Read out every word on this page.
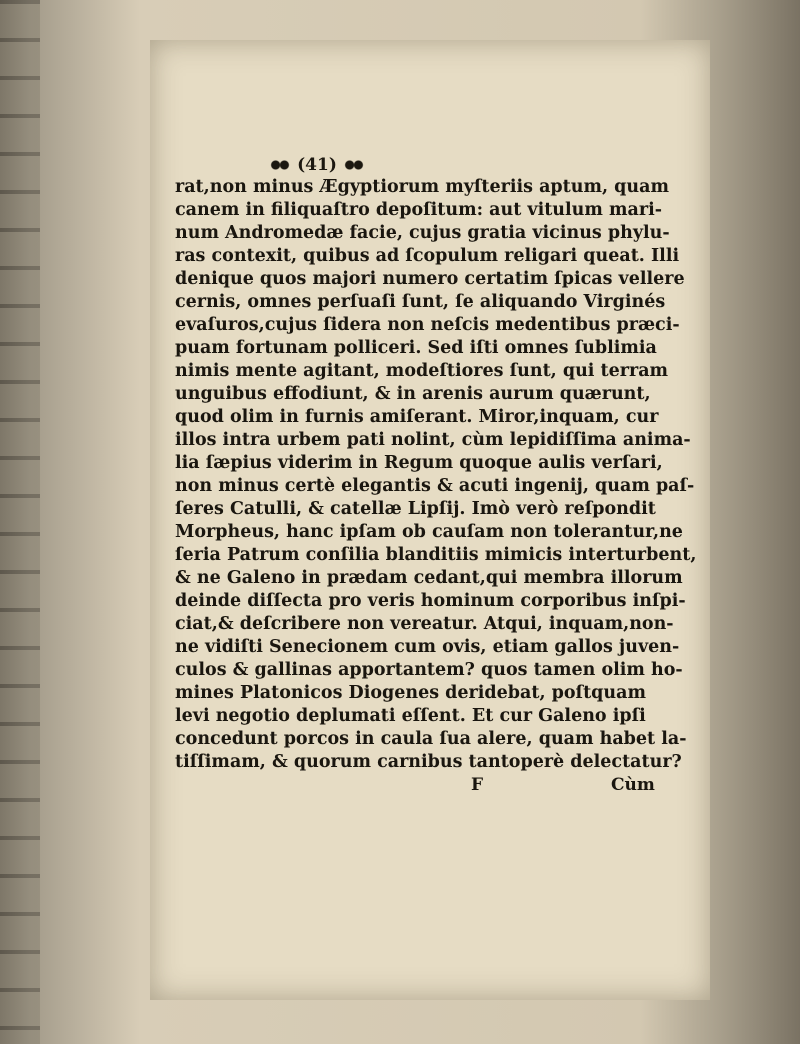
(41)
rat,non minus Ægyptiorum myſteriis aptum, quam
canem in filiquaſtro depoſitum: aut vitulum mari-
num Andromedæ facie, cujus gratia vicinus phylu-
ras contexit, quibus ad ſcopulum religari queat. Illi
denique quos majori numero certatim ſpicas vellere
cernis, omnes perſuaſi ſunt, ſe aliquando Virginés
evaſuros,cujus ſidera non neſcis medentibus præci-
puam fortunam polliceri. Sed iſti omnes ſublimia
nimis mente agitant, modeſtiores ſunt, qui terram
unguibus effodiunt, & in arenis aurum quærunt,
quod olim in furnis amiſerant. Miror,inquam, cur
illos intra urbem pati nolint, cùm lepidiſſima anima-
lia ſæpius viderim in Regum quoque aulis verſari,
non minus certè elegantis & acuti ingenij, quam paſ-
ſeres Catulli, & catellæ Lipſij. Imò verò reſpondit
Morpheus, hanc ipſam ob cauſam non tolerantur,ne
ſeria Patrum conſilia blanditiis mimicis interturbent,
& ne Galeno in prædam cedant,qui membra illorum
deinde diſſecta pro veris hominum corporibus inſpi-
ciat,& deſcribere non vereatur. Atqui, inquam,non-
ne vidiſti Senecionem cum ovis, etiam gallos juven-
culos & gallinas apportantem? quos tamen olim ho-
mines Platonicos Diogenes deridebat, poſtquam
levi negotio deplumati eſſent. Et cur Galeno ipſi
concedunt porcos in caula ſua alere, quam habet la-
tiſſimam, & quorum carnibus tantoperè delectatur?
F	Cùm
